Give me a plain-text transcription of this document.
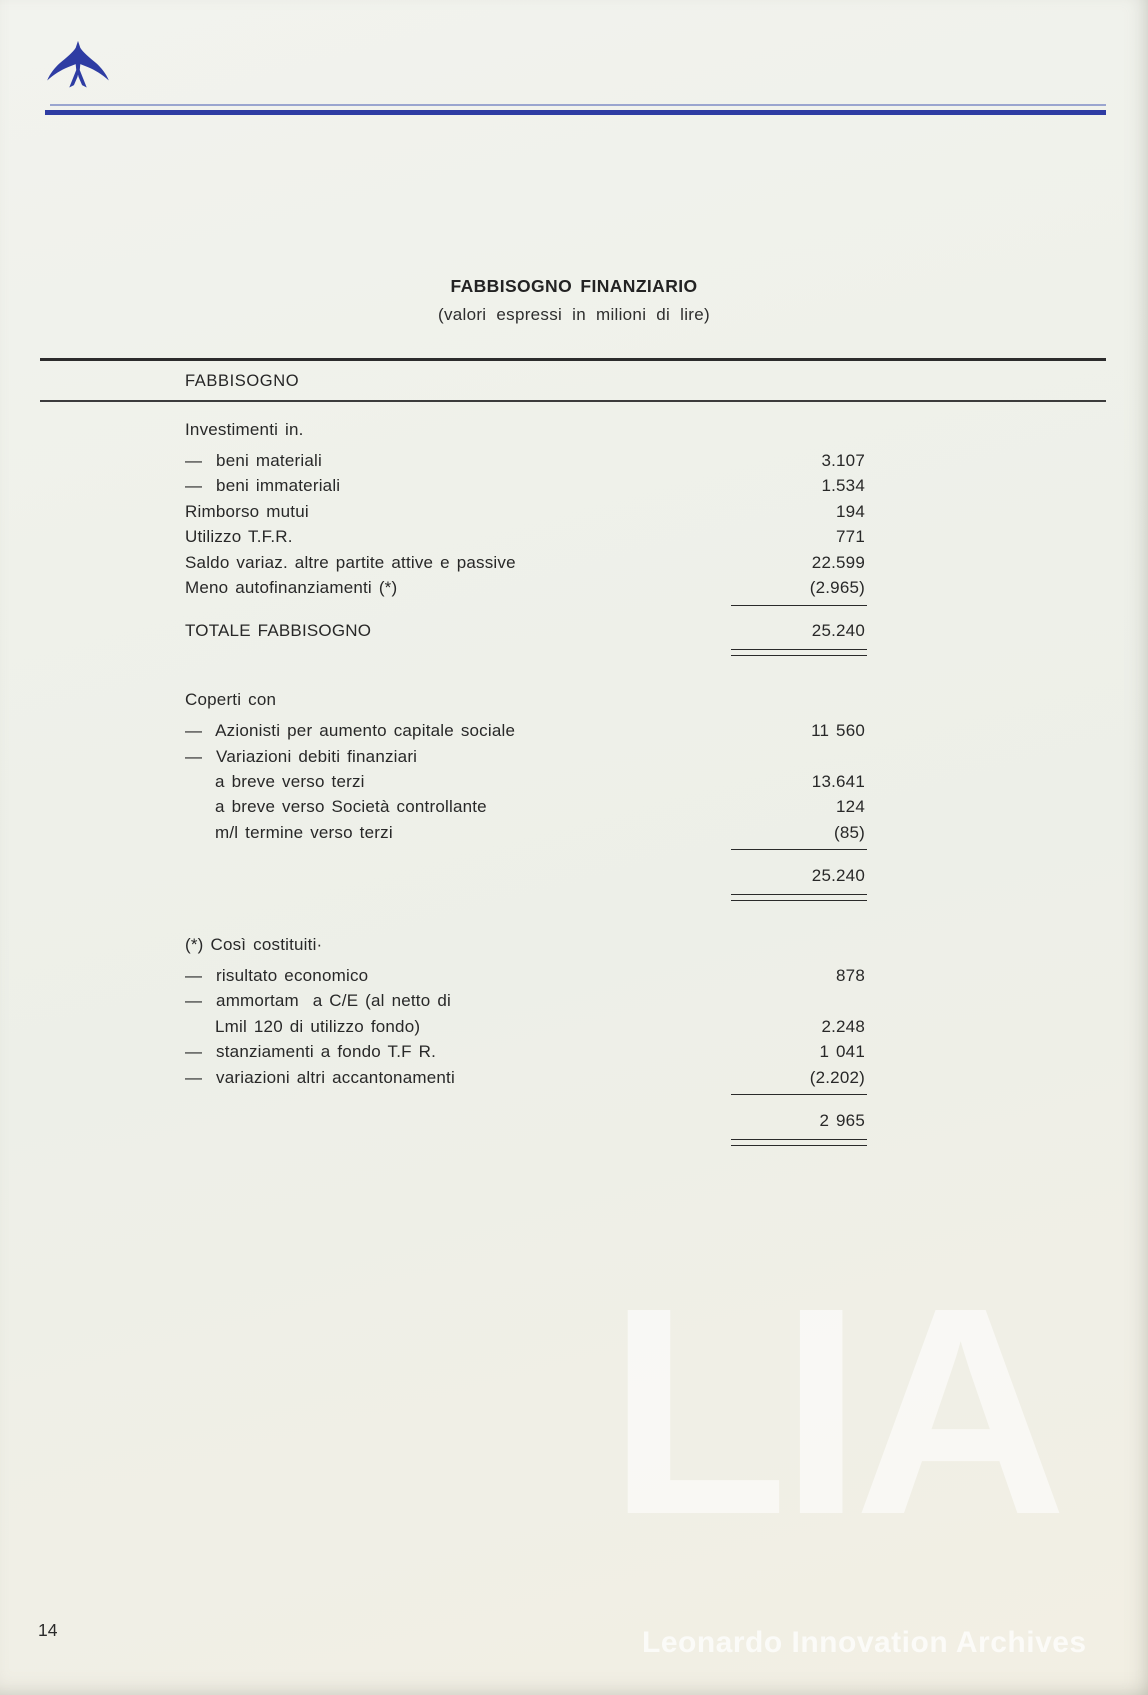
FABBISOGNO FINANZIARIO
(valori espressi in milioni di lire)
FABBISOGNO
Investimenti in.
—  beni materiali	3.107
—  beni immateriali	1.534
Rimborso mutui	194
Utilizzo T.F.R.	771
Saldo variaz. altre partite attive e passive	22.599
Meno autofinanziamenti (*)	(2.965)
TOTALE FABBISOGNO	25.240
Coperti con
—  Azionisti per aumento capitale sociale	11 560
—  Variazioni debiti finanziari
a breve verso terzi	13.641
a breve verso Società controllante	124
m/l termine verso terzi	(85)
25.240
(*) Così costituiti·
—  risultato economico	878
—  ammortam  a C/E (al netto di
Lmil 120 di utilizzo fondo)	2.248
—  stanziamenti a fondo T.F R.	1 041
—  variazioni altri accantonamenti	(2.202)
2 965
LIA
Leonardo Innovation Archives
14
